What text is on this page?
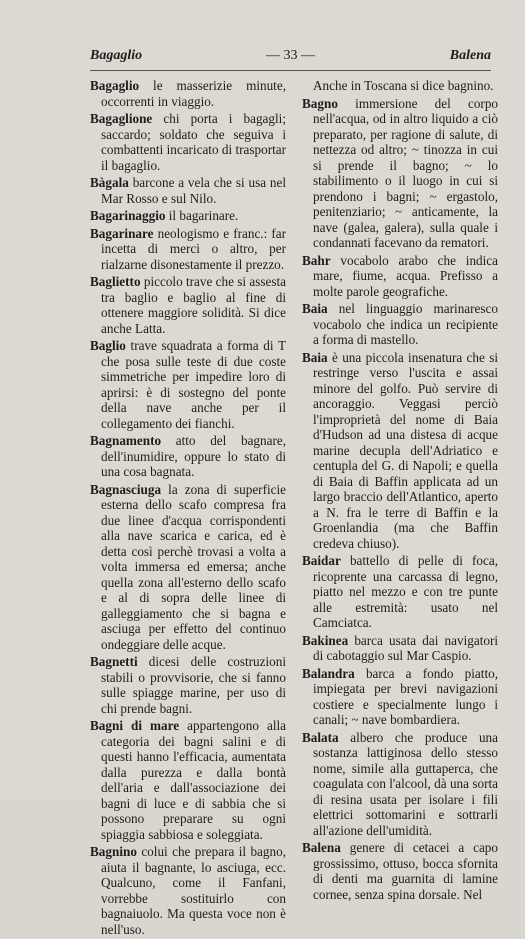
Bagaglio	— 33 —	Balena

Bagaglio le masserizie minute, occorrenti in viaggio.

Bagaglione chi porta i bagagli; saccardo; soldato che seguiva i combattenti incaricato di trasportar il bagaglio.

Bàgala barcone a vela che si usa nel Mar Rosso e sul Nilo.

Bagarinaggio il bagarinare.

Bagarinare neologismo e franc.: far incetta di merci o altro, per rialzarne disonestamente il prezzo.

Baglietto piccolo trave che si assesta tra baglio e baglio al fine di ottenere maggiore solidità. Si dice anche Latta.

Baglio trave squadrata a forma di T che posa sulle teste di due coste simmetriche per impedire loro di aprirsi: è di sostegno del ponte della nave anche per il collegamento dei fianchi.

Bagnamento atto del bagnare, dell'inumidire, oppure lo stato di una cosa bagnata.

Bagnasciuga la zona di superficie esterna dello scafo compresa fra due linee d'acqua corrispondenti alla nave scarica e carica, ed è detta così perchè trovasi a volta a volta immersa ed emersa; anche quella zona all'esterno dello scafo e al di sopra delle linee di galleggiamento che si bagna e asciuga per effetto del continuo ondeggiare delle acque.

Bagnetti dicesi delle costruzioni stabili o provvisorie, che si fanno sulle spiagge marine, per uso di chi prende bagni.

Bagni di mare appartengono alla categoria dei bagni salini e di questi hanno l'efficacia, aumentata dalla purezza e dalla bontà dell'aria e dall'associazione dei bagni di luce e di sabbia che si possono preparare su ogni spiaggia sabbiosa e soleggiata.

Bagnino colui che prepara il bagno, aiuta il bagnante, lo asciuga, ecc. Qualcuno, come il Fanfani, vorrebbe sostituirlo con bagnaiuolo. Ma questa voce non è nell'uso.

Anche in Toscana si dice bagnino.

Bagno immersione del corpo nell'acqua, od in altro liquido a ciò preparato, per ragione di salute, di nettezza od altro; ~ tinozza in cui si prende il bagno; ~ lo stabilimento o il luogo in cui si prendono i bagni; ~ ergastolo, penitenziario; ~ anticamente, la nave (galea, galera), sulla quale i condannati facevano da rematori.

Bahr vocabolo arabo che indica mare, fiume, acqua. Prefisso a molte parole geografiche.

Baia nel linguaggio marinaresco vocabolo che indica un recipiente a forma di mastello.

Baia è una piccola insenatura che si restringe verso l'uscita e assai minore del golfo. Può servire di ancoraggio. Veggasi perciò l'improprietà del nome di Baia d'Hudson ad una distesa di acque marine decupla dell'Adriatico e centupla del G. di Napoli; e quella di Baia di Baffin applicata ad un largo braccio dell'Atlantico, aperto a N. fra le terre di Baffin e la Groenlandia (ma che Baffin credeva chiuso).

Baidar battello di pelle di foca, ricoprente una carcassa di legno, piatto nel mezzo e con tre punte alle estremità: usato nel Camciatca.

Bakinea barca usata dai navigatori di cabotaggio sul Mar Caspio.

Balandra barca a fondo piatto, impiegata per brevi navigazioni costiere e specialmente lungo i canali; ~ nave bombardiera.

Balata albero che produce una sostanza lattiginosa dello stesso nome, simile alla guttaperca, che coagulata con l'alcool, dà una sorta di resina usata per isolare i fili elettrici sottomarini e sottrarli all'azione dell'umidità.

Balena genere di cetacei a capo grossissimo, ottuso, bocca sfornita di denti ma guarnita di lamine cornee, senza spina dorsale. Nel
